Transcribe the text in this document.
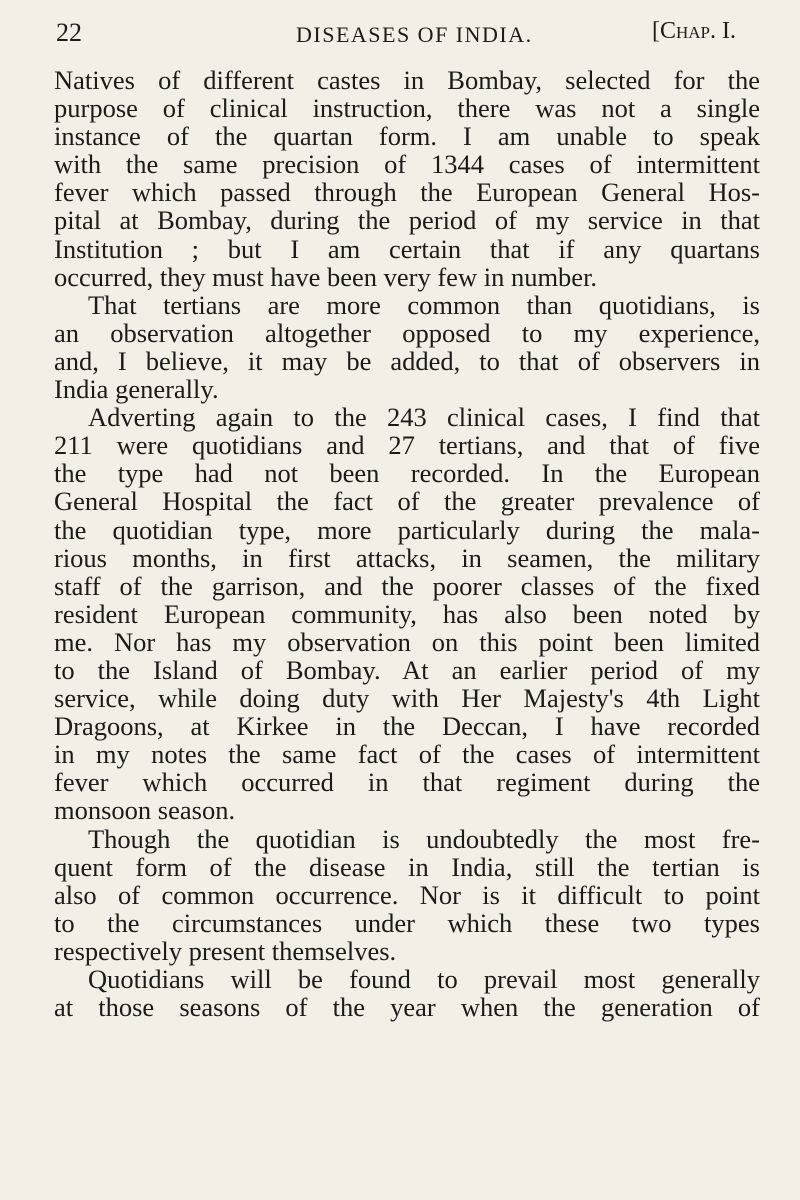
22	DISEASES OF INDIA.	[Chap. I.
Natives of different castes in Bombay, selected for the
purpose of clinical instruction, there was not a single
instance of the quartan form. I am unable to speak
with the same precision of 1344 cases of intermittent
fever which passed through the European General Hos-
pital at Bombay, during the period of my service in that
Institution ; but I am certain that if any quartans
occurred, they must have been very few in number.
That tertians are more common than quotidians, is
an observation altogether opposed to my experience,
and, I believe, it may be added, to that of observers in
India generally.
Adverting again to the 243 clinical cases, I find that
211 were quotidians and 27 tertians, and that of five
the type had not been recorded. In the European
General Hospital the fact of the greater prevalence of
the quotidian type, more particularly during the mala-
rious months, in first attacks, in seamen, the military
staff of the garrison, and the poorer classes of the fixed
resident European community, has also been noted by
me. Nor has my observation on this point been limited
to the Island of Bombay. At an earlier period of my
service, while doing duty with Her Majesty's 4th Light
Dragoons, at Kirkee in the Deccan, I have recorded
in my notes the same fact of the cases of intermittent
fever which occurred in that regiment during the
monsoon season.
Though the quotidian is undoubtedly the most fre-
quent form of the disease in India, still the tertian is
also of common occurrence. Nor is it difficult to point
to the circumstances under which these two types
respectively present themselves.
Quotidians will be found to prevail most generally
at those seasons of the year when the generation of
